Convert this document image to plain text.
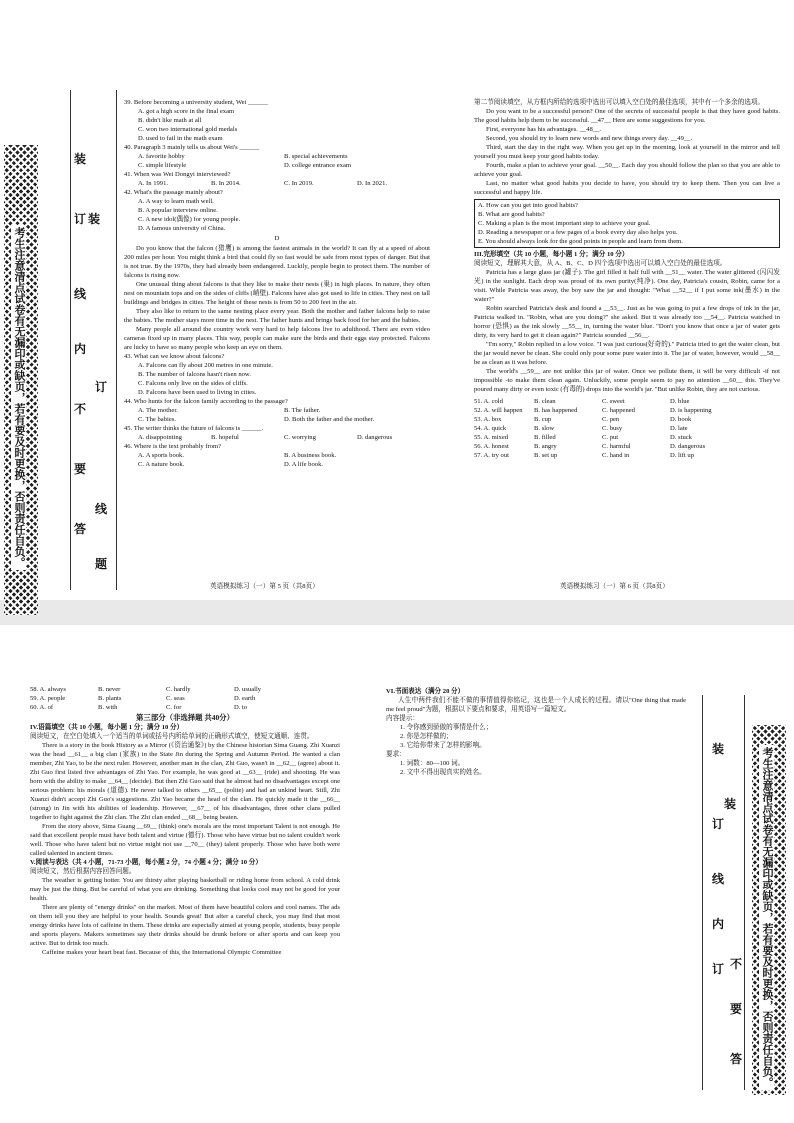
考生注意清点试卷有无漏印或缺页，若有要及时更换，否则责任自负。
装
订 装
线
内
订
不
要
答
线
题
39. Before becoming a university student, Wei ______
A. got a high score in the final exam
B. didn't like math at all
C. won two international gold medals
D. used to fail in the math exam
40. Paragraph 3 mainly tells us about Wei's ______
A. favorite hobby	B. special achievements
C. simple lifestyle	D. college entrance exam
41. When was Wei Dongyi interviewed?
A. In 1991.	B. In 2014.	C. In 2019.	D. In 2021.
42. What's the passage mainly about?
A. A way to learn math well.
B. A popular interview online.
C. A new idol(偶像) for young people.
D. A famous university of China.
D

Do you know that the falcon (猎鹰) is among the fastest animals in the world? It can fly at a speed of about 200 miles per hour. You might think a bird that could fly so fast would be safe from most types of danger. But that is not true. By the 1970s, they had already been endangered. Luckily, people begin to protect them. The number of falcons is rising now.

One unusual thing about falcons is that they like to make their nests (巢) in high places. In nature, they often nest on mountain tops and on the sides of cliffs (峭壁). Falcons have also got used to life in cities. They nest on tall buildings and bridges in cities. The height of these nests is from 50 to 200 feet in the air.

They also like to return to the same nesting place every year. Both the mother and father falcons help to raise the babies. The mother stays more time in the nest. The father hunts and brings back food for her and the babies.

Many people all around the country work very hard to help falcons live to adulthood. There are even video cameras fixed up in many places. This way, people can make sure the birds and their eggs stay protected. Falcons are lucky to have so many people who keep an eye on them.

43. What can we know about falcons?
A. Falcons can fly about 200 metres in one minute.
B. The number of falcons hasn't risen now.
C. Falcons only live on the sides of cliffs.
D. Falcons have been used to living in cities.
44. Who hunts for the falcon family according to the passage?
A. The mother.	B. The father.
C. The babies.	D. Both the father and the mother.
45. The writer thinks the future of falcons is ______.
A. disappointing	B. hopeful	C. worrying	D. dangerous
46. Where is the text probably from?
A. A sports book.	B. A business book.
C. A nature book.	D. A life book.
英语模拟练习（一）第 5 页（共8页）
第二节阅读填空，从方框内所给的选项中选出可以填入空白处的最佳选项，其中有一个多余的选项。

Do you want to be a successful person? One of the secrets of successful people is that they have good habits. The good habits help them to be successful. __47__ Here are some suggestions for you.

First, everyone has his advantages. __48__.

Second, you should try to learn new words and new things every day. __49__.

Third, start the day in the right way. When you get up in the morning, look at yourself in the mirror and tell yourself you must keep your good habits today.

Fourth, make a plan to achieve your goal. __50__. Each day you should follow the plan so that you are able to achieve your goal.

Last, no matter what good habits you decide to have, you should try to keep them. Then you can live a successful and happy life.

A. How can you get into good habits?
B. What are good habits?
C. Making a plan is the most important step to achieve your goal.
D. Reading a newspaper or a few pages of a book every day also helps you.
E. You should always look for the good points in people and learn from them.
III.完形填空（共 10 小题，每小题 1 分；满分 10 分）
阅读短文，理解其大意，从 A、B、C、D 四个选项中选出可以填入空白处的最佳选项。

Patricia has a large glass jar (罐子). The girl filled it half full with __51__ water. The water glittered (闪闪发光) in the sunlight. Each drop was proud of its own purity(纯净). One day, Patricia's cousin, Robin, came for a visit. While Patricia was away, the boy saw the jar and thought: "What __52__ if I put some ink(墨水) in the water?"

Robin searched Patricia's desk and found a __53__. Just as he was going to put a few drops of ink in the jar, Patricia walked in. "Robin, what are you doing?" she asked. But it was already too __54__. Patricia watched in horror (恐惧) as the ink slowly __55__ in, turning the water blue. "Don't you know that once a jar of water gets dirty, its very hard to get it clean again?" Patricia sounded __56__.

"I'm sorry," Robin replied in a low voice. "I was just curious(好奇的)." Patricia tried to get the water clean, but the jar would never be clean. She could only pour some pure water into it. The jar of water, however, would __58__ be as clean as it was before.

The world's __59__ are not unlike this jar of water. Once we pollute them, it will be very difficult -if not impossible -to make them clean again. Unluckily, some people seem to pay no attention __60__ this. They've poured many dirty or even toxic (有毒的) drops into the world's jar. "But unlike Robin, they are not curious.

51. A. cold	B. clean	C. sweet	D. blue
52. A. will happen	B. has happened	C. happened	D. is happening
53. A. box	B. cup	C. pen	D. book
54. A. quick	B. slow	C. busy	D. late
55. A. mixed	B. filled	C. put	D. stuck
56. A. honest	B. angry	C. harmful	D. dangerous
57. A. try out	B. set up	C. hand in	D. lift up
英语模拟练习（一）第 6 页（共8页）
58. A. always	B. never	C. hardly	D. usually
59. A. people	B. plants	C. seas	D. earth
60. A. of	B. with	C. for	D. to
第三部分（非选择题 共40分）
IV.语篇填空（共 10 小题，每小题 1 分；满分 10 分）
阅读短文，在空白处填入一个适当的单词或括号内所给单词的正确形式填空，使短文通顺、连贯。

There is a story in the book History as a Mirror (《资治通鉴》) by the Chinese historian Sima Guang. Zhi Xuanzi was the head __61__ a big clan (家族) in the State Jin during the Spring and Autumn Period. He wanted a clan member, Zhi Yao, to be the next ruler. However, another man in the clan, Zhi Guo, wasn't in __62__ (agree) about it. Zhi Guo first listed five advantages of Zhi Yao. For example, he was good at __63__ (ride) and shooting. He was born with the ability to make __64__ (decide). But then Zhi Guo said that he almost had no disadvantages except one serious problem: his morals (道德). He never talked to others __65__ (polite) and had an unkind heart. Still, Zhi Xuanzi didn't accept Zhi Guo's suggestions. Zhi Yao became the head of the clan. He quickly made it the __66__ (strong) in Jin with his abilities of leadership. However, __67__ of his disadvantages, three other clans pulled together to fight against the Zhi clan. The Zhi clan ended __68__ being beaten.

From the story above, Sima Guang __69__ (think) one's morals are the most important Talent is not enough. He said that excellent people must have both talent and virtue (德行). Those who have virtue but no talent couldn't work well. Those who have talent but no virtue might not use __70__ (they) talent properly. Those who have both were called talented in ancient times.

V.阅读与表达（共 4 小题，71-73 小题，每小题 2 分，74 小题 4 分；满分 10 分）
阅读短文，然后根据内容回答问题。

The weather is getting hotter. You are thirsty after playing basketball or riding home from school. A cold drink may be just the thing. But be careful of what you are drinking. Something that looks cool may not be good for your health.

There are plenty of "energy drinks" on the market. Most of them have beautiful colors and cool names. The ads on them tell you they are helpful to your health. Sounds great! But after a careful check, you may find that most energy drinks have lots of caffeine in them. These drinks are especially aimed at young people, students, busy people and sports players. Makers sometimes say their drinks should be drunk before or after sports and can keep you active. But to drink too much.

Caffeine makes your heart beat fast. Because of this, the International Olympic Committee

VI.书面表达（满分 20 分）

人生中两件我们不能不做的事情值得你铭记，这也是一个人成长的过程。请以"One thing that made me feel proud"为题，根据以下要点和要求，用英语写一篇短文。

内容提示：
1. 令你感到骄傲的事情是什么；
2. 你是怎样做的；
3. 它给你带来了怎样的影响。
要求：
1. 词数：80—100 词。
2. 文中不得出现真实的姓名。
装
装
订
线
内
订 不
要
答 考生注意清点试卷有无漏印或缺页，若有要及时更换，否则责任自负。
